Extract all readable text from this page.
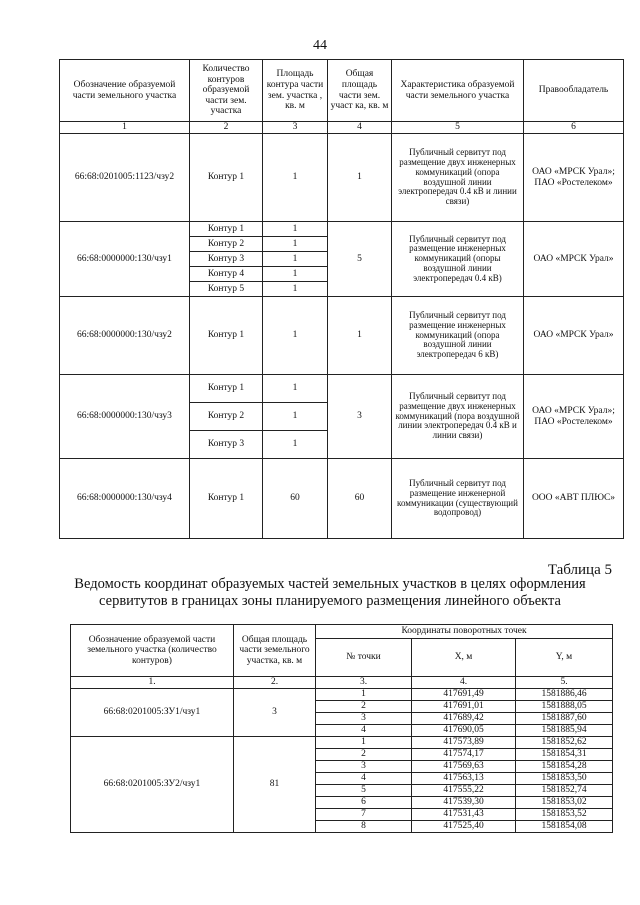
44
Обозначение образуемой части земельного участка	Количество контуров образуемой части зем. участка	Площадь контура части зем. участка , кв. м	Общая площадь части зем. участ ка, кв. м	Характеристика образуемой части земельного участка	Правообладатель
1	2	3	4	5	6
66:68:0201005:1123/чзу2	Контур 1	1	1	Публичный сервитут под размещение двух инженерных коммуникаций (опора воздушной линии электропередач 0.4 кВ и линии связи)	ОАО «МРСК Урал»; ПАО «Ростелеком»
66:68:0000000:130/чзу1	Контур 1	1	5	Публичный сервитут под размещение инженерных коммуникаций (опоры воздушной линии электропередач 0.4 кВ)	ОАО «МРСК Урал»
	Контур 2	1			
	Контур 3	1			
	Контур 4	1			
	Контур 5	1			
66:68:0000000:130/чзу2	Контур 1	1	1	Публичный сервитут под размещение инженерных коммуникаций (опора воздушной линии электропередач 6 кВ)	ОАО «МРСК Урал»
66:68:0000000:130/чзу3	Контур 1	1	3	Публичный сервитут под размещение двух инженерных коммуникаций (пора воздушной линии электропередач 0.4 кВ и линии связи)	ОАО «МРСК Урал»; ПАО «Ростелеком»
	Контур 2	1			
	Контур 3	1			
66:68:0000000:130/чзу4	Контур 1	60	60	Публичный сервитут под размещение инженерной коммуникации (существующий водопровод)	ООО «АВТ ПЛЮС»
Таблица 5
Ведомость координат образуемых частей земельных участков в целях оформления сервитутов в границах зоны планируемого размещения линейного объекта
Обозначение образуемой части земельного участка (количество контуров)	Общая площадь части земельного участка, кв. м	Координаты поворотных точек		
		№ точки	X, м	Y, м
1.	2.	3.	4.	5.
66:68:0201005:ЗУ1/чзу1	3	1	417691,49	1581886,46
		2	417691,01	1581888,05
		3	417689,42	1581887,60
		4	417690,05	1581885,94
66:68:0201005:ЗУ2/чзу1	81	1	417573,89	1581852,62
		2	417574,17	1581854,31
		3	417569,63	1581854,28
		4	417563,13	1581853,50
		5	417555,22	1581852,74
		6	417539,30	1581853,02
		7	417531,43	1581853,52
		8	417525,40	1581854,08
